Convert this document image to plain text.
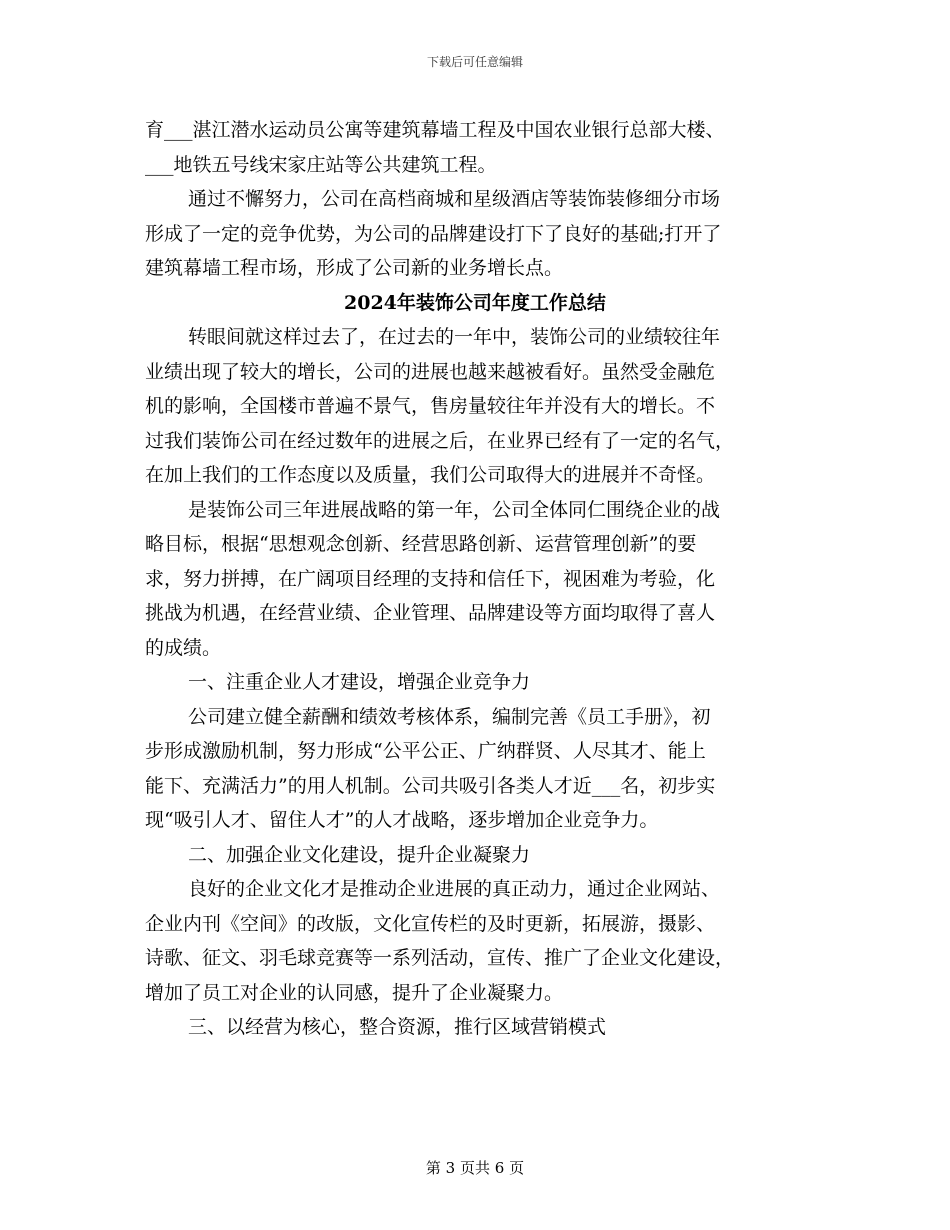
下载后可任意编辑
育___湛江潜水运动员公寓等建筑幕墙工程及中国农业银行总部大楼、
___地铁五号线宋家庄站等公共建筑工程。
通过不懈努力，公司在高档商城和星级酒店等装饰装修细分市场
形成了一定的竞争优势，为公司的品牌建设打下了良好的基础;打开了
建筑幕墙工程市场，形成了公司新的业务增长点。
2024年装饰公司年度工作总结
转眼间就这样过去了，在过去的一年中，装饰公司的业绩较往年
业绩出现了较大的增长，公司的进展也越来越被看好。虽然受金融危
机的影响，全国楼市普遍不景气，售房量较往年并没有大的增长。不
过我们装饰公司在经过数年的进展之后，在业界已经有了一定的名气，
在加上我们的工作态度以及质量，我们公司取得大的进展并不奇怪。
是装饰公司三年进展战略的第一年，公司全体同仁围绕企业的战
略目标，根据“思想观念创新、经营思路创新、运营管理创新”的要
求，努力拼搏，在广阔项目经理的支持和信任下，视困难为考验，化
挑战为机遇，在经营业绩、企业管理、品牌建设等方面均取得了喜人
的成绩。
一、注重企业人才建设，增强企业竞争力
公司建立健全薪酬和绩效考核体系，编制完善《员工手册》，初
步形成激励机制，努力形成“公平公正、广纳群贤、人尽其才、能上
能下、充满活力”的用人机制。公司共吸引各类人才近___名，初步实
现“吸引人才、留住人才”的人才战略，逐步增加企业竞争力。
二、加强企业文化建设，提升企业凝聚力
良好的企业文化才是推动企业进展的真正动力，通过企业网站、
企业内刊《空间》的改版，文化宣传栏的及时更新，拓展游，摄影、
诗歌、征文、羽毛球竞赛等一系列活动，宣传、推广了企业文化建设，
增加了员工对企业的认同感，提升了企业凝聚力。
三、以经营为核心，整合资源，推行区域营销模式
第 3 页共 6 页
